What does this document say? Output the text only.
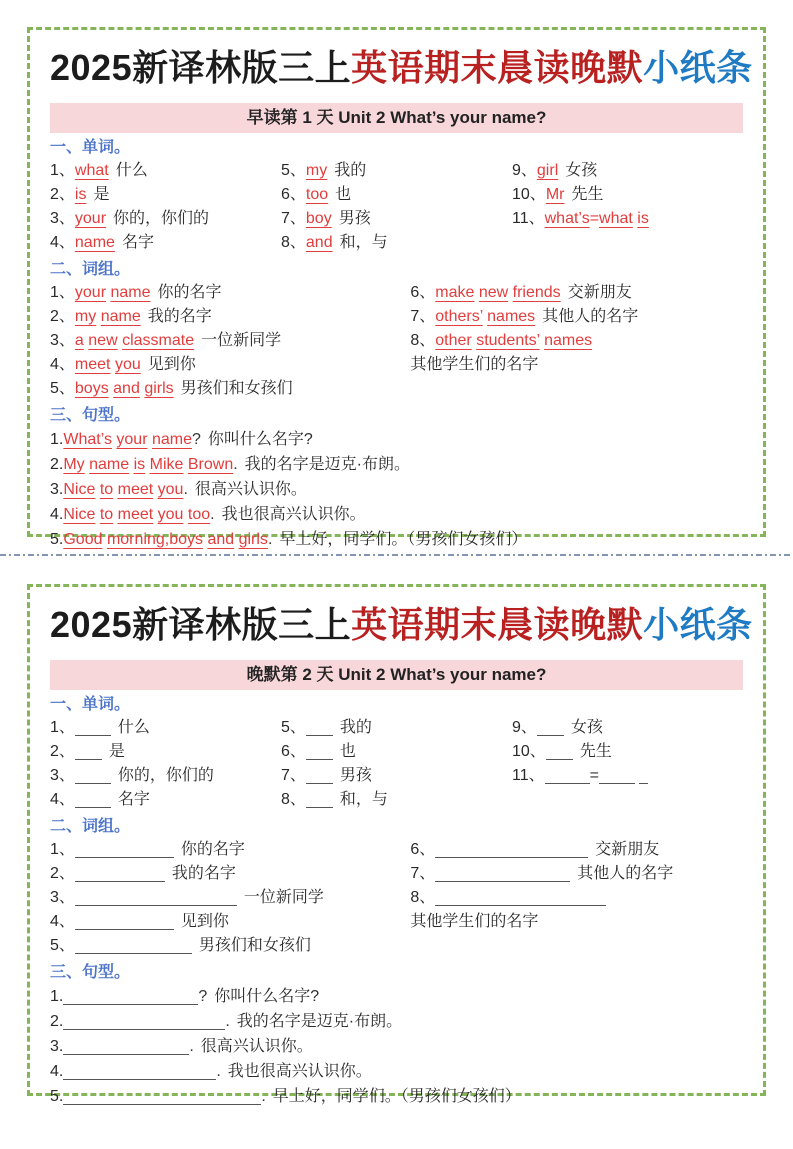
2025新译林版三上英语期末晨读晚默小纸条
早读第 1 天 Unit 2 What’s your name?
一、单词。
1、what 什么
2、is 是
3、your 你的，你们的
4、name 名字
5、my 我的
6、too 也
7、boy 男孩
8、and 和，与
9、girl 女孩
10、Mr 先生
11、what’s=what is
二、词组。
1、your name 你的名字
2、my name 我的名字
3、a new classmate 一位新同学
4、meet you 见到你
5、boys and girls 男孩们和女孩们
6、make new friends 交新朋友
7、others’ names 其他人的名字
8、other students’ names
其他学生们的名字
三、句型。
1.What’s your name? 你叫什么名字?
2.My name is Mike Brown. 我的名字是迈克·布朗。
3.Nice to meet you. 很高兴认识你。
4.Nice to meet you too. 我也很高兴认识你。
5.Good morning,boys and girls. 早上好，同学们。（男孩们女孩们）
2025新译林版三上英语期末晨读晚默小纸条
晚默第 2 天 Unit 2 What’s your name?
一、单词。
1、	什么
2、 是
3、	你的，你们的
4、	名字
5、 我的
6、 也
7、 男孩
8、 和，与
9、 女孩
10、 先生
11、	=
二、词组。
1、	你的名字
2、	我的名字
3、	一位新同学
4、	见到你
5、	男孩们和女孩们
6、	交新朋友
7、	其他人的名字
8、
其他学生们的名字
三、句型。
1.	? 你叫什么名字?
2.	. 我的名字是迈克·布朗。
3.	. 很高兴认识你。
4.	. 我也很高兴认识你。
5.	. 早上好，同学们。（男孩们女孩们）
